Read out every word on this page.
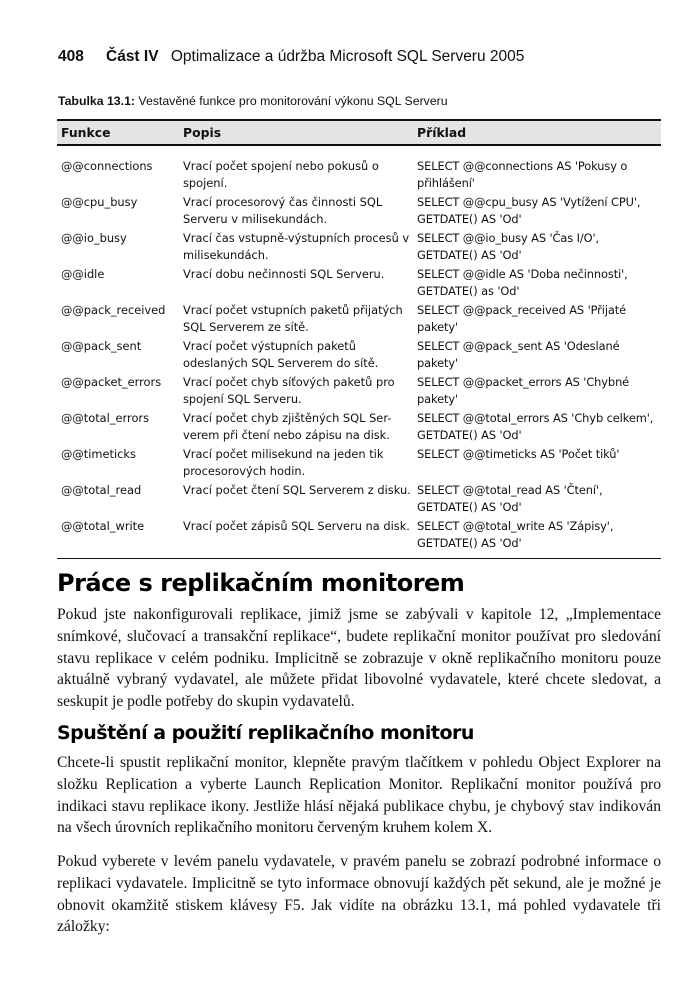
408 Část IV Optimalizace a údržba Microsoft SQL Serveru 2005
Tabulka 13.1: Vestavěné funkce pro monitorování výkonu SQL Serveru
Funkce	Popis	Příklad
@@connections	Vrací počet spojení nebo pokusů o spojení.	SELECT @@connections AS 'Pokusy o přihlášení'
@@cpu_busy	Vrací procesorový čas činnosti SQL Serveru v milisekundách.	SELECT @@cpu_busy AS 'Vytížení CPU', GETDATE() AS 'Od'
@@io_busy	Vrací čas vstupně-výstupních procesů v milisekundách.	SELECT @@io_busy AS 'Čas I/O', GETDATE() AS 'Od'
@@idle	Vrací dobu nečinnosti SQL Serveru.	SELECT @@idle AS 'Doba nečinnosti', GETDATE() as 'Od'
@@pack_received	Vrací počet vstupních paketů přijatých SQL Serverem ze sítě.	SELECT @@pack_received AS 'Přijaté pakety'
@@pack_sent	Vrací počet výstupních paketů odeslaných SQL Serverem do sítě.	SELECT @@pack_sent AS 'Odeslané pakety'
@@packet_errors	Vrací počet chyb síťových paketů pro spojení SQL Serveru.	SELECT @@packet_errors AS 'Chybné pakety'
@@total_errors	Vrací počet chyb zjištěných SQL Ser-verem při čtení nebo zápisu na disk.	SELECT @@total_errors AS 'Chyb celkem', GETDATE() AS 'Od'
@@timeticks	Vrací počet milisekund na jeden tik procesorových hodin.	SELECT @@timeticks AS 'Počet tiků'
@@total_read	Vrací počet čtení SQL Serverem z disku.	SELECT @@total_read AS 'Čtení', GETDATE() AS 'Od'
@@total_write	Vrací počet zápisů SQL Serveru na disk.	SELECT @@total_write AS 'Zápisy', GETDATE() AS 'Od'
Práce s replikačním monitorem

Pokud jste nakonfigurovali replikace, jimiž jsme se zabývali v kapitole 12, „Implementace snímkové, slučovací a transakční replikace“, budete replikační monitor používat pro sledování stavu replikace v celém podniku. Implicitně se zobrazuje v okně replikačního monitoru pouze aktuálně vybraný vydavatel, ale můžete přidat libovolné vydavatele, které chcete sledovat, a seskupit je podle potřeby do skupin vydavatelů.

Spuštění a použití replikačního monitoru

Chcete-li spustit replikační monitor, klepněte pravým tlačítkem v pohledu Object Explorer na složku Replication a vyberte Launch Replication Monitor. Replikační monitor používá pro indikaci stavu replikace ikony. Jestliže hlásí nějaká publikace chybu, je chybový stav indikován na všech úrovních replikačního monitoru červeným kruhem kolem X.

Pokud vyberete v levém panelu vydavatele, v pravém panelu se zobrazí podrobné informace o replikaci vydavatele. Implicitně se tyto informace obnovují každých pět sekund, ale je možné je obnovit okamžitě stiskem klávesy F5. Jak vidíte na obrázku 13.1, má pohled vydavatele tři záložky:
